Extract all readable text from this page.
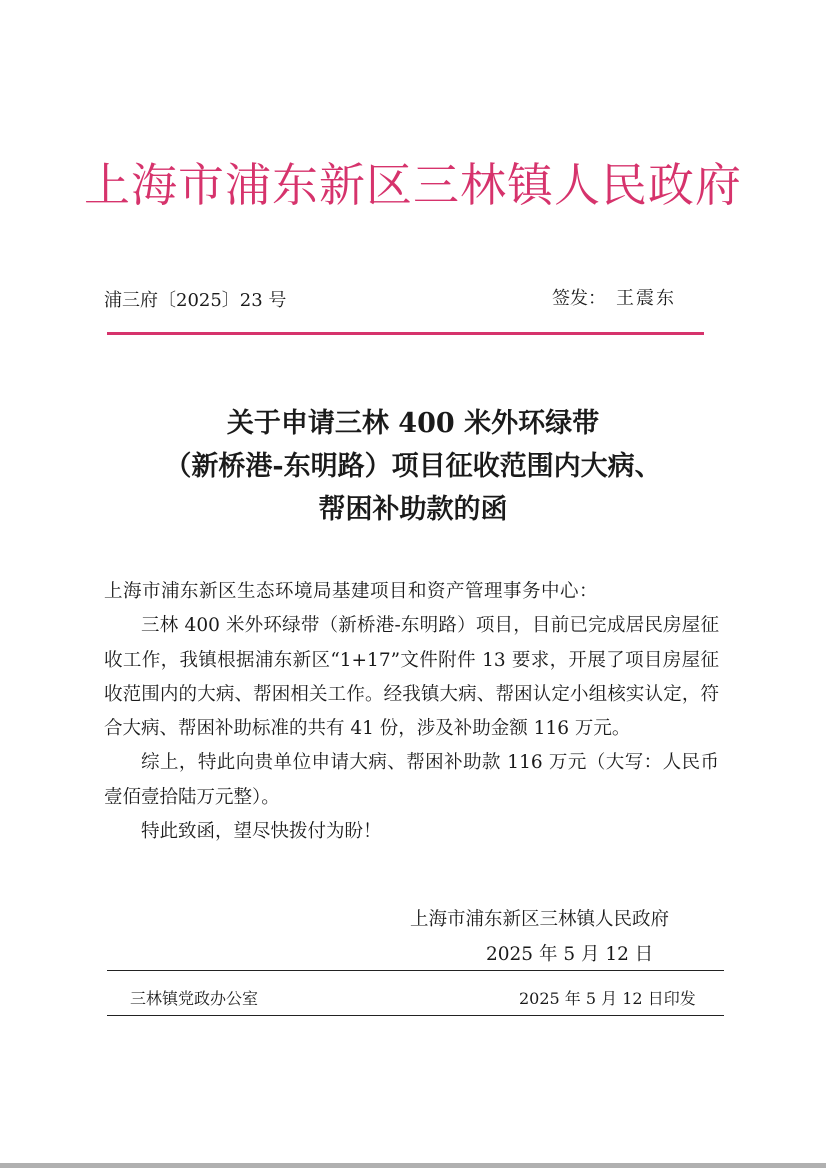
上海市浦东新区三林镇人民政府
浦三府〔2025〕23 号	签发： 王震东
关于申请三林 400 米外环绿带
（新桥港-东明路）项目征收范围内大病、
帮困补助款的函

上海市浦东新区生态环境局基建项目和资产管理事务中心：

三林 400 米外环绿带（新桥港-东明路）项目，目前已完成居民房屋征收工作，我镇根据浦东新区“1+17”文件附件 13 要求，开展了项目房屋征收范围内的大病、帮困相关工作。经我镇大病、帮困认定小组核实认定，符合大病、帮困补助标准的共有 41 份，涉及补助金额 116 万元。

综上，特此向贵单位申请大病、帮困补助款 116 万元（大写：人民币壹佰壹拾陆万元整）。

特此致函，望尽快拨付为盼！

上海市浦东新区三林镇人民政府
2025 年 5 月 12 日
三林镇党政办公室	2025 年 5 月 12 日印发
